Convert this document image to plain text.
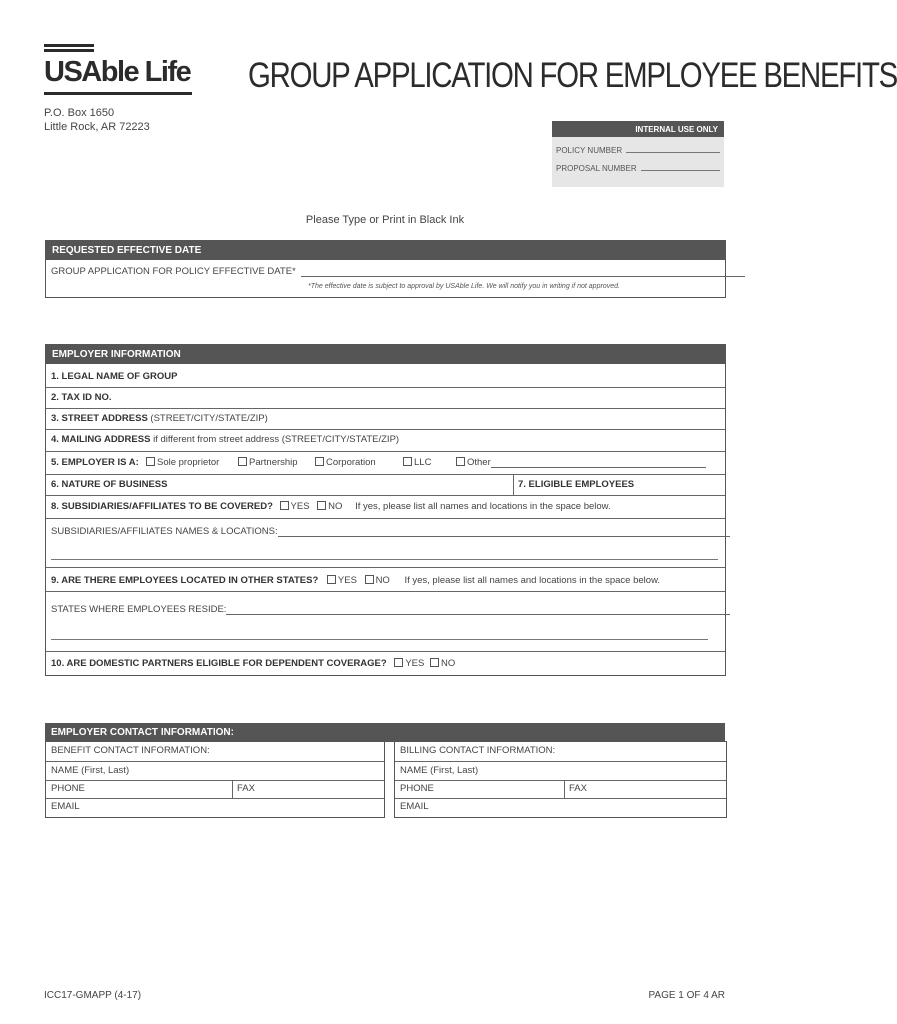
USAble Life GROUP APPLICATION FOR EMPLOYEE BENEFITS
P.O. Box 1650
Little Rock, AR 72223	INTERNAL USE ONLY
POLICY NUMBER
PROPOSAL NUMBER
Please Type or Print in Black Ink
REQUESTED EFFECTIVE DATE
GROUP APPLICATION FOR POLICY EFFECTIVE DATE*
*The effective date is subject to approval by USAble Life. We will notify you in writing if not approved.
EMPLOYER INFORMATION
1. LEGAL NAME OF GROUP
2. TAX ID NO.
3. STREET ADDRESS (STREET/CITY/STATE/ZIP)
4. MAILING ADDRESS if different from street address (STREET/CITY/STATE/ZIP)
5. EMPLOYER IS A:	Sole proprietor	Partnership	Corporation	LLC	Other
6. NATURE OF BUSINESS	7. ELIGIBLE EMPLOYEES
8. SUBSIDIARIES/AFFILIATES TO BE COVERED? YES NO If yes, please list all names and locations in the space below.
SUBSIDIARIES/AFFILIATES NAMES & LOCATIONS:
9. ARE THERE EMPLOYEES LOCATED IN OTHER STATES? YES NO If yes, please list all names and locations in the space below.
STATES WHERE EMPLOYEES RESIDE:
10. ARE DOMESTIC PARTNERS ELIGIBLE FOR DEPENDENT COVERAGE? YES NO
EMPLOYER CONTACT INFORMATION:
BENEFIT CONTACT INFORMATION:
NAME (First, Last)
PHONE	FAX
EMAIL
BILLING CONTACT INFORMATION:
NAME (First, Last)
PHONE	FAX
EMAIL
ICC17-GMAPP (4-17)	PAGE 1 OF 4 AR
